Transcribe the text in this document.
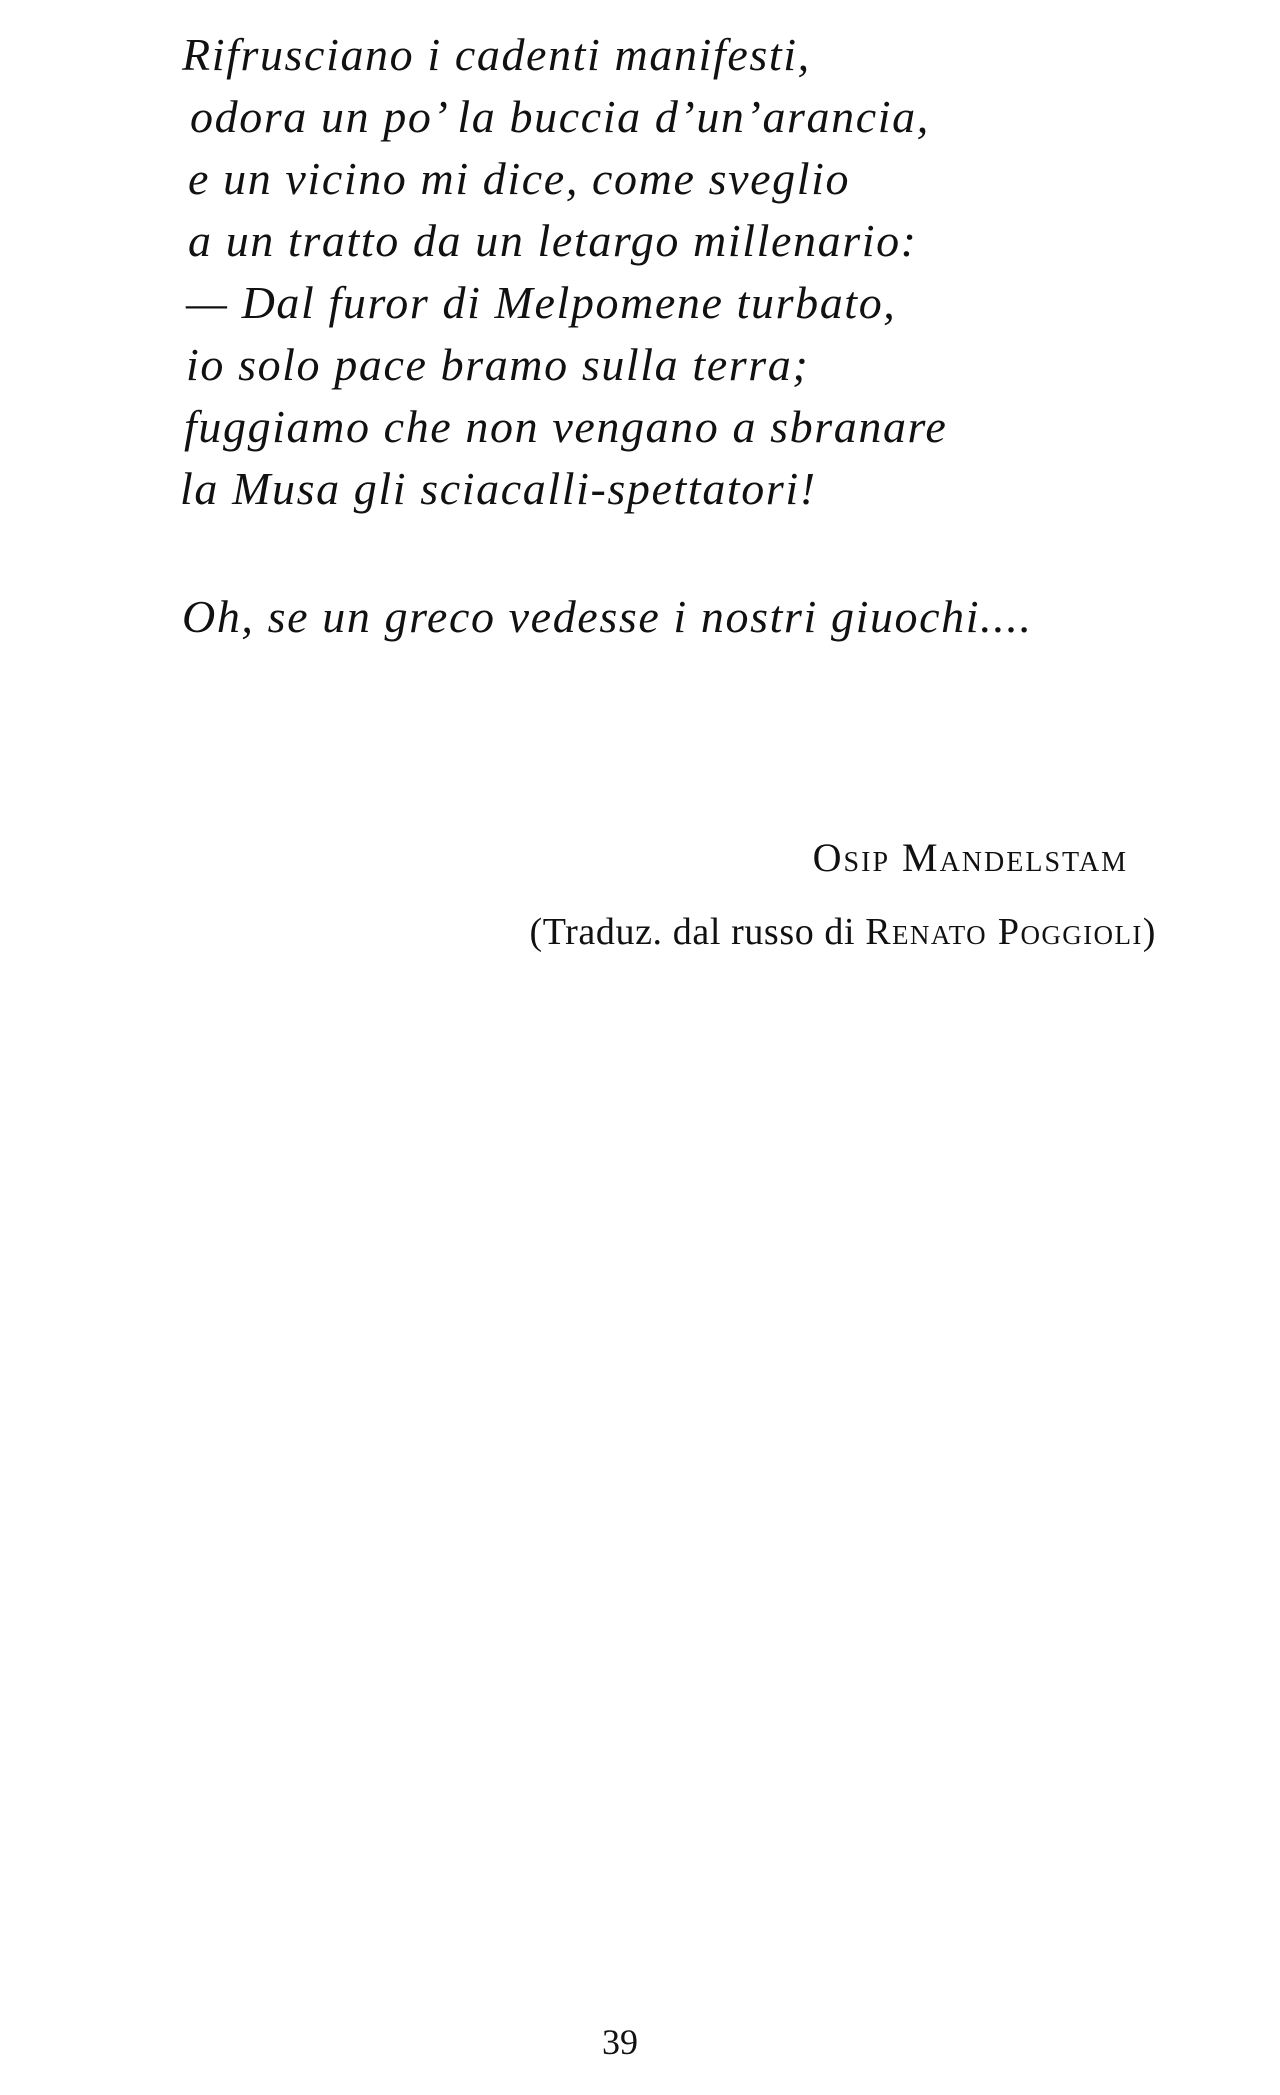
Rifrusciano i cadenti manifesti,
odora un po’ la buccia d’un’arancia,
e un vicino mi dice, come sveglio
a un tratto da un letargo millenario:
— Dal furor di Melpomene turbato,
io solo pace bramo sulla terra;
fuggiamo che non vengano a sbranare
la Musa gli sciacalli-spettatori!
Oh, se un greco vedesse i nostri giuochi....
Osip Mandelstam
(Traduz. dal russo di Renato Poggioli)
39
